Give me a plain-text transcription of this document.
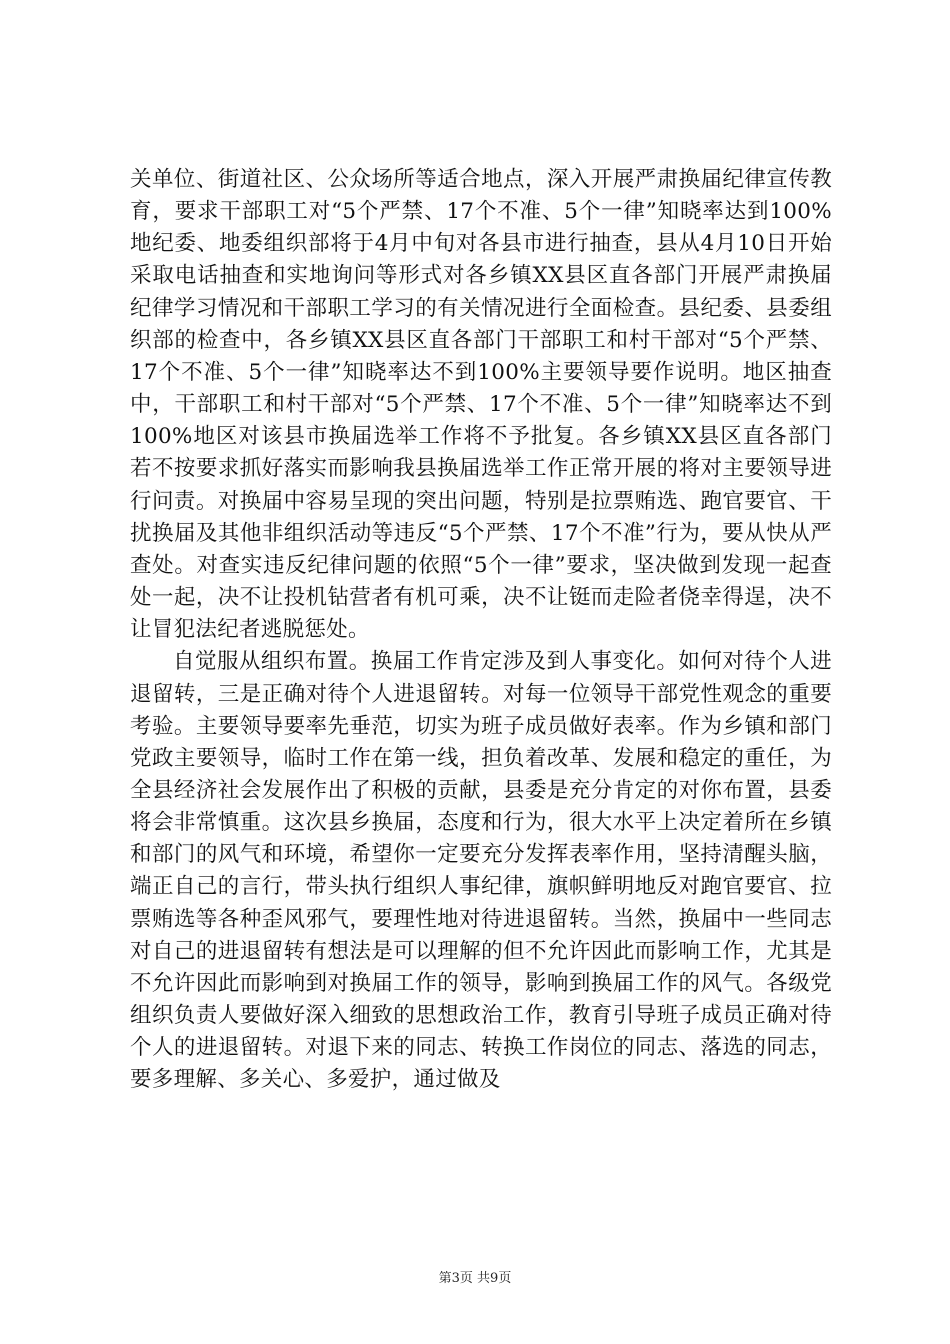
关单位、街道社区、公众场所等适合地点，深入开展严肃换届纪律宣传教育，要求干部职工对“5个严禁、17个不准、5个一律”知晓率达到100%地纪委、地委组织部将于4月中旬对各县市进行抽查，县从4月10日开始采取电话抽查和实地询问等形式对各乡镇XX县区直各部门开展严肃换届纪律学习情况和干部职工学习的有关情况进行全面检查。县纪委、县委组织部的检查中，各乡镇XX县区直各部门干部职工和村干部对“5个严禁、17个不准、5个一律”知晓率达不到100%主要领导要作说明。地区抽查中，干部职工和村干部对“5个严禁、17个不准、5个一律”知晓率达不到100%地区对该县市换届选举工作将不予批复。各乡镇XX县区直各部门若不按要求抓好落实而影响我县换届选举工作正常开展的将对主要领导进行问责。对换届中容易呈现的突出问题，特别是拉票贿选、跑官要官、干扰换届及其他非组织活动等违反“5个严禁、17个不准”行为，要从快从严查处。对查实违反纪律问题的依照“5个一律”要求，坚决做到发现一起查处一起，决不让投机钻营者有机可乘，决不让铤而走险者侥幸得逞，决不让冒犯法纪者逃脱惩处。

自觉服从组织布置。换届工作肯定涉及到人事变化。如何对待个人进退留转，三是正确对待个人进退留转。对每一位领导干部党性观念的重要考验。主要领导要率先垂范，切实为班子成员做好表率。作为乡镇和部门党政主要领导，临时工作在第一线，担负着改革、发展和稳定的重任，为全县经济社会发展作出了积极的贡献，县委是充分肯定的对你布置，县委将会非常慎重。这次县乡换届，态度和行为，很大水平上决定着所在乡镇和部门的风气和环境，希望你一定要充分发挥表率作用，坚持清醒头脑，端正自己的言行，带头执行组织人事纪律，旗帜鲜明地反对跑官要官、拉票贿选等各种歪风邪气，要理性地对待进退留转。当然，换届中一些同志对自己的进退留转有想法是可以理解的但不允许因此而影响工作，尤其是不允许因此而影响到对换届工作的领导，影响到换届工作的风气。各级党组织负责人要做好深入细致的思想政治工作，教育引导班子成员正确对待个人的进退留转。对退下来的同志、转换工作岗位的同志、落选的同志，要多理解、多关心、多爱护，通过做及

第3页 共9页
